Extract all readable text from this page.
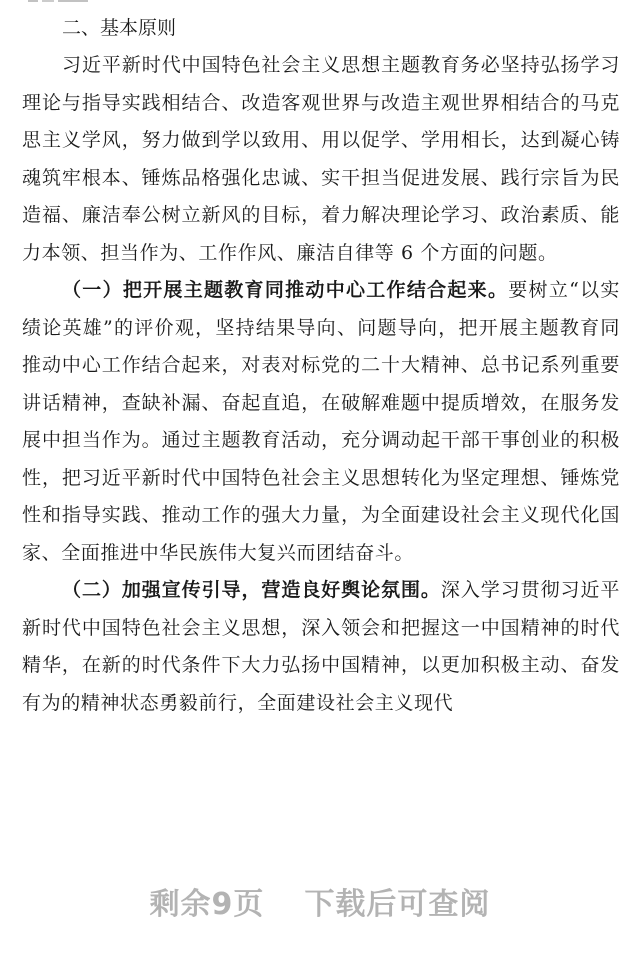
二、基本原则

习近平新时代中国特色社会主义思想主题教育务必坚持弘扬学习理论与指导实践相结合、改造客观世界与改造主观世界相结合的马克思主义学风，努力做到学以致用、用以促学、学用相长，达到凝心铸魂筑牢根本、锤炼品格强化忠诚、实干担当促进发展、践行宗旨为民造福、廉洁奉公树立新风的目标，着力解决理论学习、政治素质、能力本领、担当作为、工作作风、廉洁自律等 6 个方面的问题。

（一）把开展主题教育同推动中心工作结合起来。要树立“以实绩论英雄”的评价观，坚持结果导向、问题导向，把开展主题教育同推动中心工作结合起来，对表对标党的二十大精神、总书记系列重要讲话精神，查缺补漏、奋起直追，在破解难题中提质增效，在服务发展中担当作为。通过主题教育活动，充分调动起干部干事创业的积极性，把习近平新时代中国特色社会主义思想转化为坚定理想、锤炼党性和指导实践、推动工作的强大力量，为全面建设社会主义现代化国家、全面推进中华民族伟大复兴而团结奋斗。

（二）加强宣传引导，营造良好舆论氛围。深入学习贯彻习近平新时代中国特色社会主义思想，深入领会和把握这一中国精神的时代精华，在新的时代条件下大力弘扬中国精神，以更加积极主动、奋发有为的精神状态勇毅前行，全面建设社会主义现代

剩余9页 下载后可查阅
